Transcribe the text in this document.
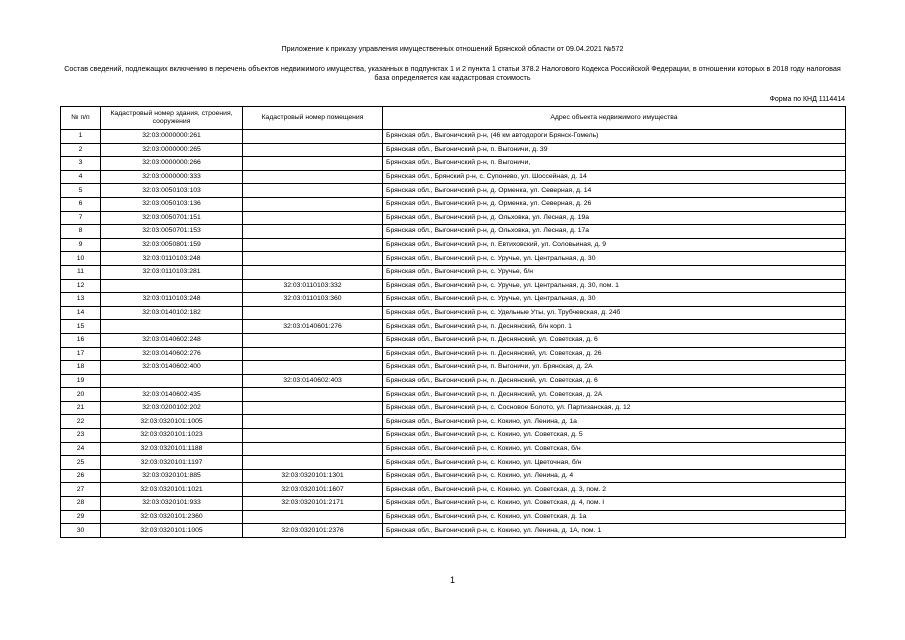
Приложение к приказу управления имущественных отношений Брянской области от 09.04.2021 №572
Состав сведений, подлежащих включению в перечень объектов недвижимого имущества, указанных в подпунктах 1 и 2 пункта 1 статьи 378.2 Налогового Кодекса Российской Федерации, в отношении которых в 2018 году налоговая база определяется как кадастровая стоимость
Форма по КНД 1114414
№ п/п	Кадастровый номер здания, строения, сооружения	Кадастровый номер помещения	Адрес объекта недвижимого имущества
1	32:03:0000000:261		Брянская обл., Выгоничский р-н, (46 км автодороги Брянск-Гомель)
2	32:03:0000000:265		Брянская обл., Выгоничский р-н, п. Выгоничи, д. 39
3	32:03:0000000:266		Брянская обл., Выгоничский р-н, п. Выгоничи,
4	32:03:0000000:333		Брянская обл., Брянский р-н, с. Супонево, ул. Шоссейная, д. 14
5	32:03:0050103:103		Брянская обл., Выгоничский р-н, д. Орменка, ул. Северная, д. 14
6	32:03:0050103:136		Брянская обл., Выгоничский р-н, д. Орменка, ул. Северная, д. 26
7	32:03:0050701:151		Брянская обл., Выгоничский р-н, д. Ольховка, ул. Лесная, д. 19а
8	32:03:0050701:153		Брянская обл., Выгоничский р-н, д. Ольховка, ул. Лесная, д. 17а
9	32:03:0050801:159		Брянская обл., Выгоничский р-н, п. Евтиховский, ул. Соловьиная, д. 9
10	32:03:0110103:248		Брянская обл., Выгоничский р-н, с. Уручье, ул. Центральная, д. 30
11	32:03:0110103:281		Брянская обл., Выгоничский р-н, с. Уручье, б/н
12		32:03:0110103:332	Брянская обл., Выгоничский р-н, с. Уручье, ул. Центральная, д. 30, пом. 1
13	32:03:0110103:248	32:03:0110103:360	Брянская обл., Выгоничский р-н, с. Уручье, ул. Центральная, д. 30
14	32:03:0140102:182		Брянская обл., Выгоничский р-н, с. Удельные Уты, ул. Трубчевская, д. 24б
15		32:03:0140601:276	Брянская обл., Выгоничский р-н, п. Деснянский, б/н корп. 1
16	32:03:0140602:248		Брянская обл., Выгоничский р-н, п. Деснянский, ул. Советская, д. 6
17	32:03:0140602:276		Брянская обл., Выгоничский р-н. п. Деснянский, ул. Советская, д. 26
18	32:03:0140602:400		Брянская обл., Выгоничский р-н, п. Выгоничи, ул. Брянская, д. 2А
19		32:03:0140602:403	Брянская обл., Выгоничский р-н, п. Деснянский, ул. Советская, д. 6
20	32:03:0140602:435		Брянская обл., Выгоничский р-н, п. Деснянский, ул. Советская, д. 2А
21	32:03:0200102:202		Брянская обл., Выгоничский р-н, с. Сосновое Болото, ул. Партизанская, д. 12
22	32:03:0320101:1005		Брянская обл., Выгоничский р-н, с. Кокино, ул. Ленина, д. 1а
23	32:03:0320101:1023		Брянская обл., Выгоничский р-н, с. Кокино, ул. Советская, д. 5
24	32:03:0320101:1188		Брянская обл., Выгоничский р-н, с. Кокино, ул. Советская, б/н
25	32:03:0320101:1197		Брянская обл., Выгоничский р-н, с. Кокино, ул. Цветочная, б/н
26	32:03:0320101:885	32:03:0320101:1301	Брянская обл., Выгоничский р-н, с. Кокино, ул. Ленина, д. 4
27	32:03:0320101:1021	32:03:0320101:1607	Брянская обл., Выгоничский р-н, с. Кокино. ул. Советская, д. 3, пом. 2
28	32:03:0320101:933	32:03:0320101:2171	Брянская обл., Выгоничский р-н, с. Кокино, ул. Советская, д. 4, пом. I
29	32:03:0320101:2360		Брянская обл., Выгоничский р-н, с. Кокино, ул. Советская, д. 1а
30	32:03:0320101:1005	32:03:0320101:2376	Брянская обл., Выгоничский р-н, с. Кокино, ул. Ленина, д. 1А, пом. 1
1
